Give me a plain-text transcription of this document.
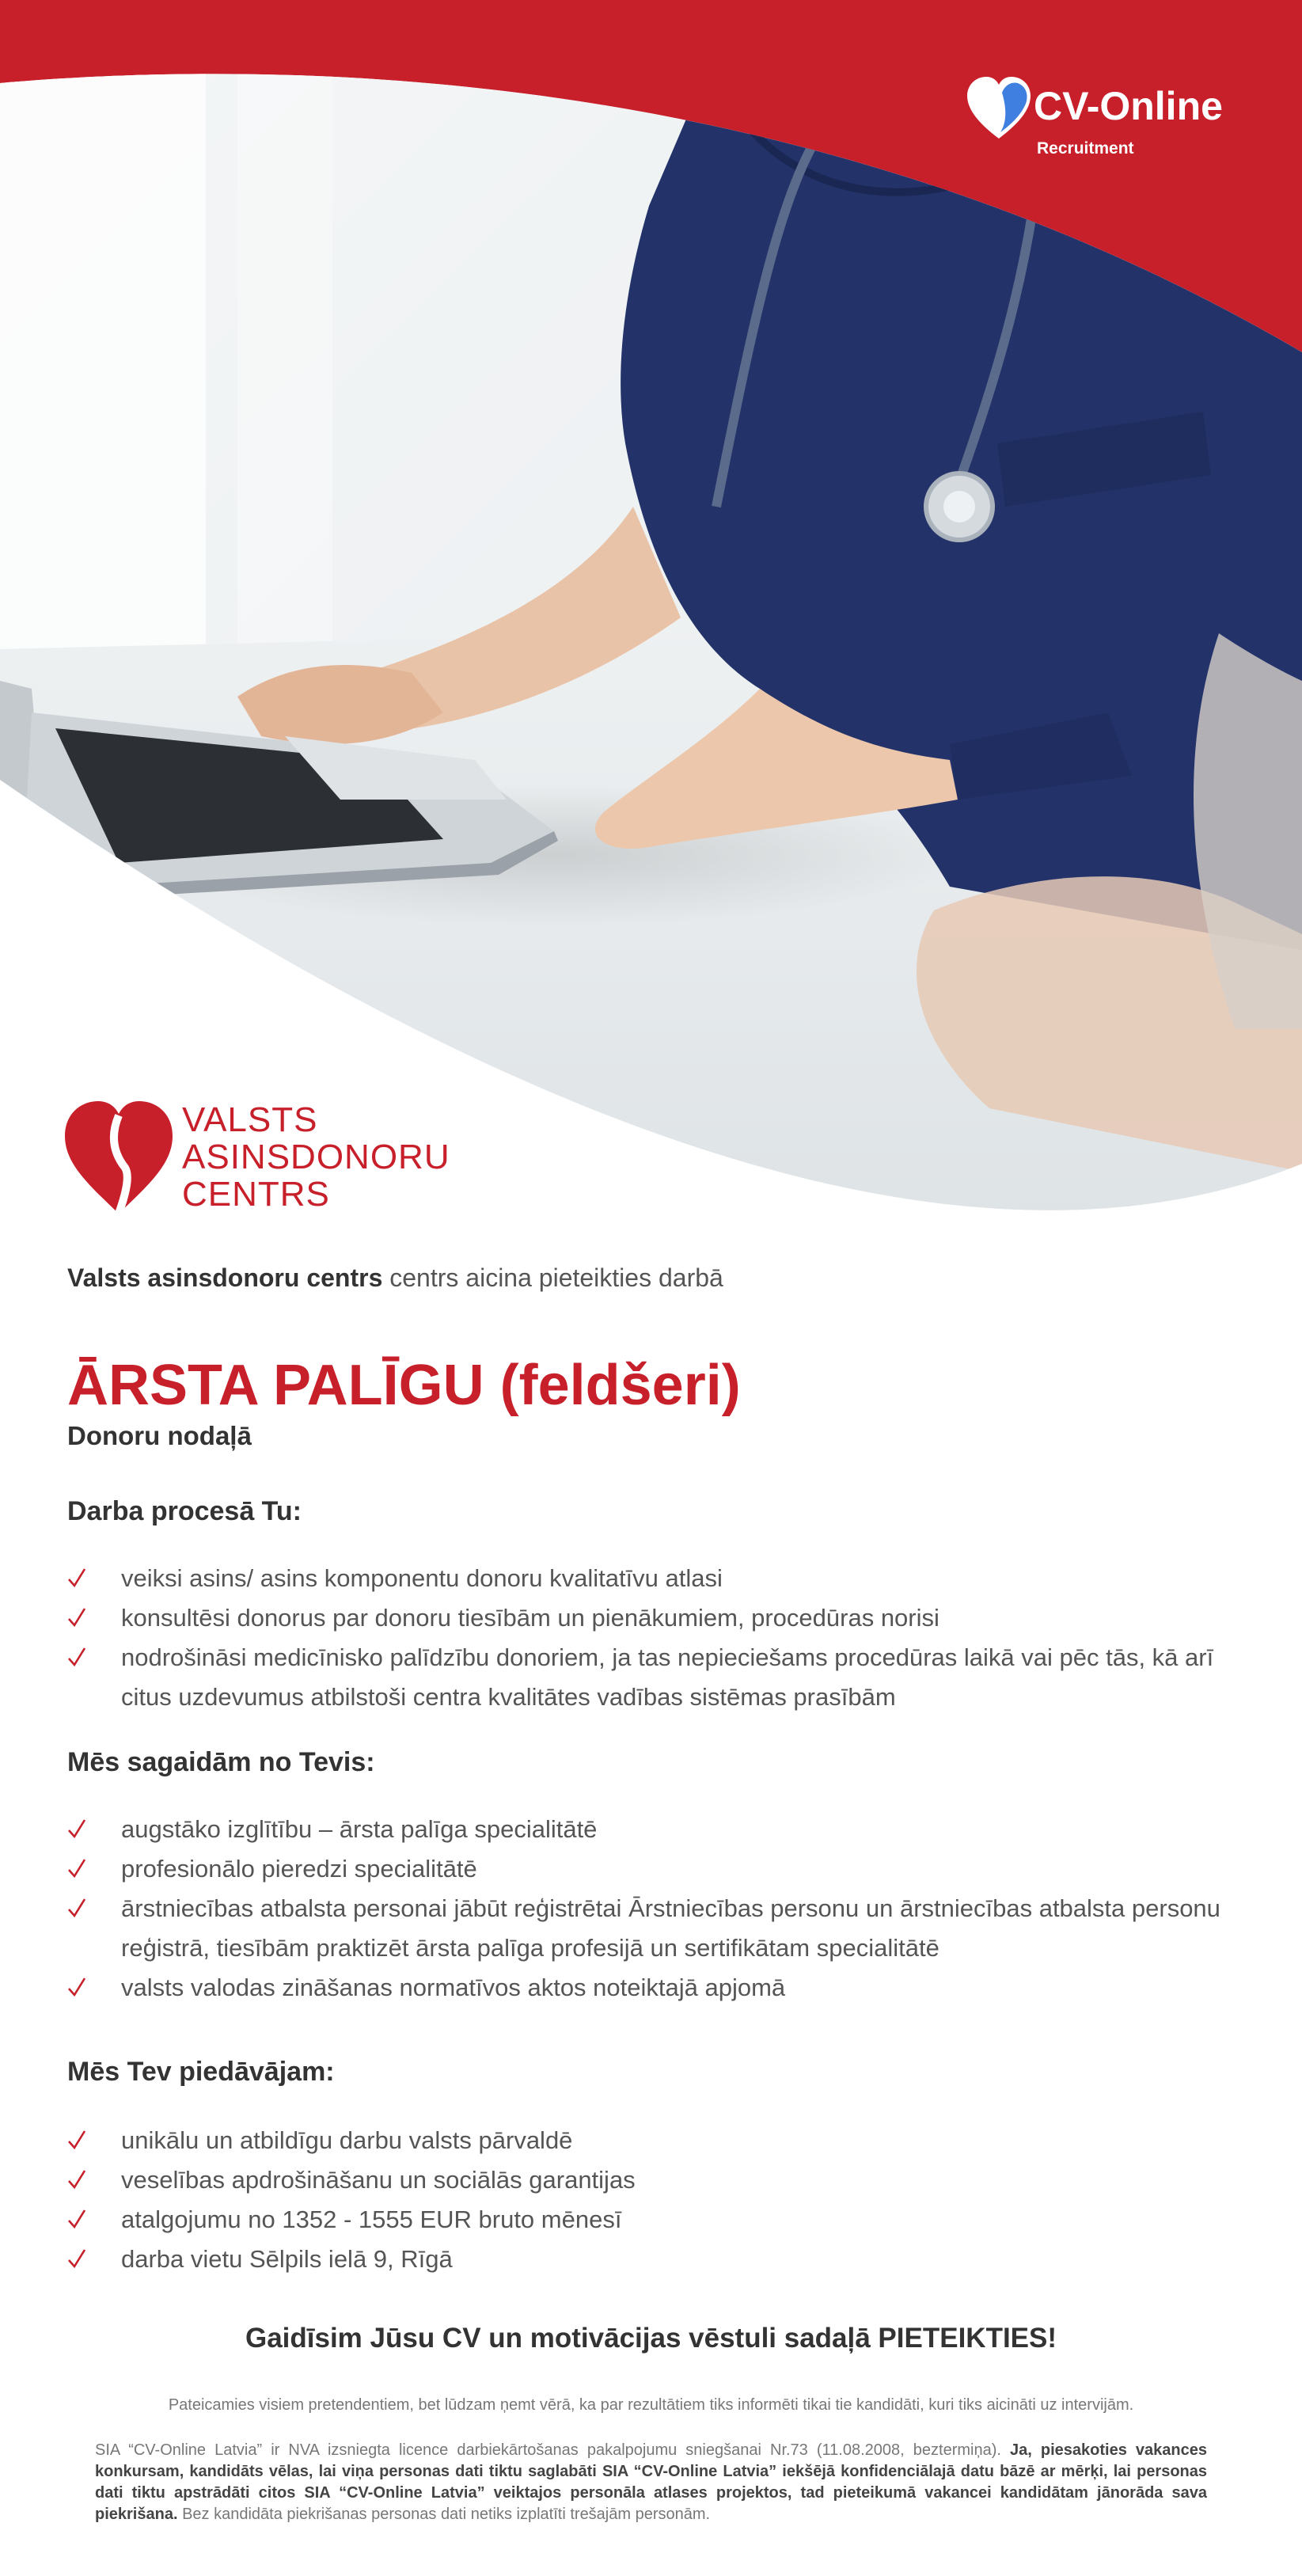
CV-Online
Recruitment
VALSTS
ASINSDONORU
CENTRS

Valsts asinsdonoru centrs centrs aicina pieteikties darbā

ĀRSTA PALĪGU (feldšeri)
Donoru nodaļā
Darba procesā Tu:
veiksi asins/ asins komponentu donoru kvalitatīvu atlasi
konsultēsi donorus par donoru tiesībām un pienākumiem, procedūras norisi
nodrošināsi medicīnisko palīdzību donoriem, ja tas nepieciešams procedūras laikā vai pēc tās, kā arī citus uzdevumus atbilstoši centra kvalitātes vadības sistēmas prasībām
Mēs sagaidām no Tevis:
augstāko izglītību – ārsta palīga specialitātē
profesionālo pieredzi specialitātē
ārstniecības atbalsta personai jābūt reģistrētai Ārstniecības personu un ārstniecības atbalsta personu reģistrā, tiesībām praktizēt ārsta palīga profesijā un sertifikātam specialitātē
valsts valodas zināšanas normatīvos aktos noteiktajā apjomā
Mēs Tev piedāvājam:
unikālu un atbildīgu darbu valsts pārvaldē
veselības apdrošināšanu un sociālās garantijas
atalgojumu no 1352 - 1555 EUR bruto mēnesī
darba vietu Sēlpils ielā 9, Rīgā
Gaidīsim Jūsu CV un motivācijas vēstuli sadaļā PIETEIKTIES!
Pateicamies visiem pretendentiem, bet lūdzam ņemt vērā, ka par rezultātiem tiks informēti tikai tie kandidāti, kuri tiks aicināti uz intervijām.
SIA “CV-Online Latvia” ir NVA izsniegta licence darbiekārtošanas pakalpojumu sniegšanai Nr.73 (11.08.2008, beztermiņa). Ja, piesakoties vakances konkursam, kandidāts vēlas, lai viņa personas dati tiktu saglabāti SIA “CV-Online Latvia” iekšējā konfidenciālajā datu bāzē ar mērķi, lai personas dati tiktu apstrādāti citos SIA “CV-Online Latvia” veiktajos personāla atlases projektos, tad pieteikumā vakancei kandidātam jānorāda sava piekrišana. Bez kandidāta piekrišanas personas dati netiks izplatīti trešajām personām.
